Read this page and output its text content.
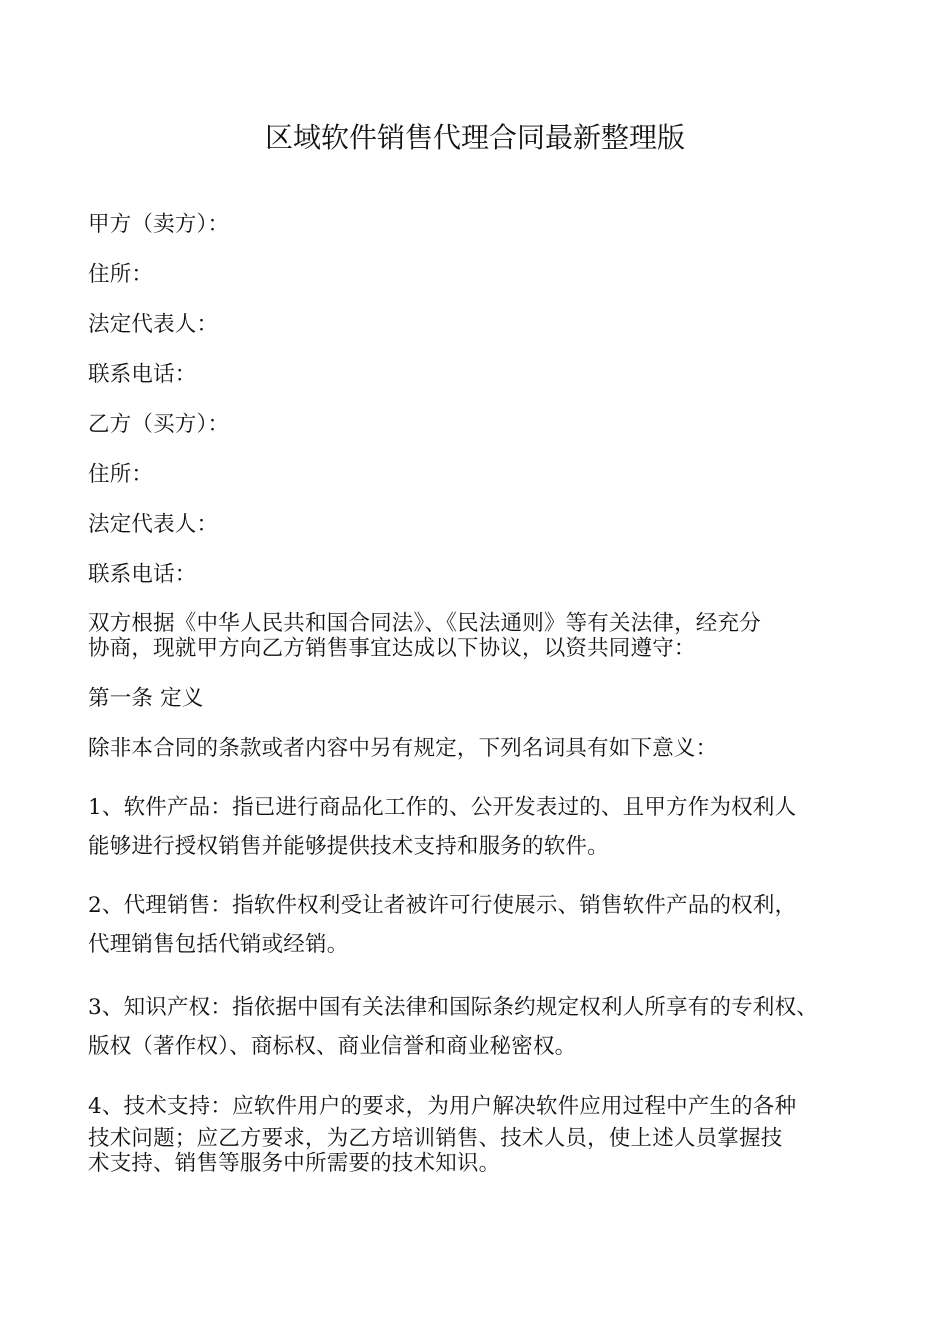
区域软件销售代理合同最新整理版
甲方（卖方）：
住所：
法定代表人：
联系电话：
乙方（买方）：
住所：
法定代表人：
联系电话：
双方根据《中华人民共和国合同法》、《民法通则》等有关法律，经充分
协商，现就甲方向乙方销售事宜达成以下协议，以资共同遵守：
第一条 定义
除非本合同的条款或者内容中另有规定，下列名词具有如下意义：
1、软件产品：指已进行商品化工作的、公开发表过的、且甲方作为权利人
能够进行授权销售并能够提供技术支持和服务的软件。
2、代理销售：指软件权利受让者被许可行使展示、销售软件产品的权利，
代理销售包括代销或经销。
3、知识产权：指依据中国有关法律和国际条约规定权利人所享有的专利权、
版权（著作权）、商标权、商业信誉和商业秘密权。
4、技术支持：应软件用户的要求，为用户解决软件应用过程中产生的各种
技术问题；应乙方要求，为乙方培训销售、技术人员，使上述人员掌握技
术支持、销售等服务中所需要的技术知识。
